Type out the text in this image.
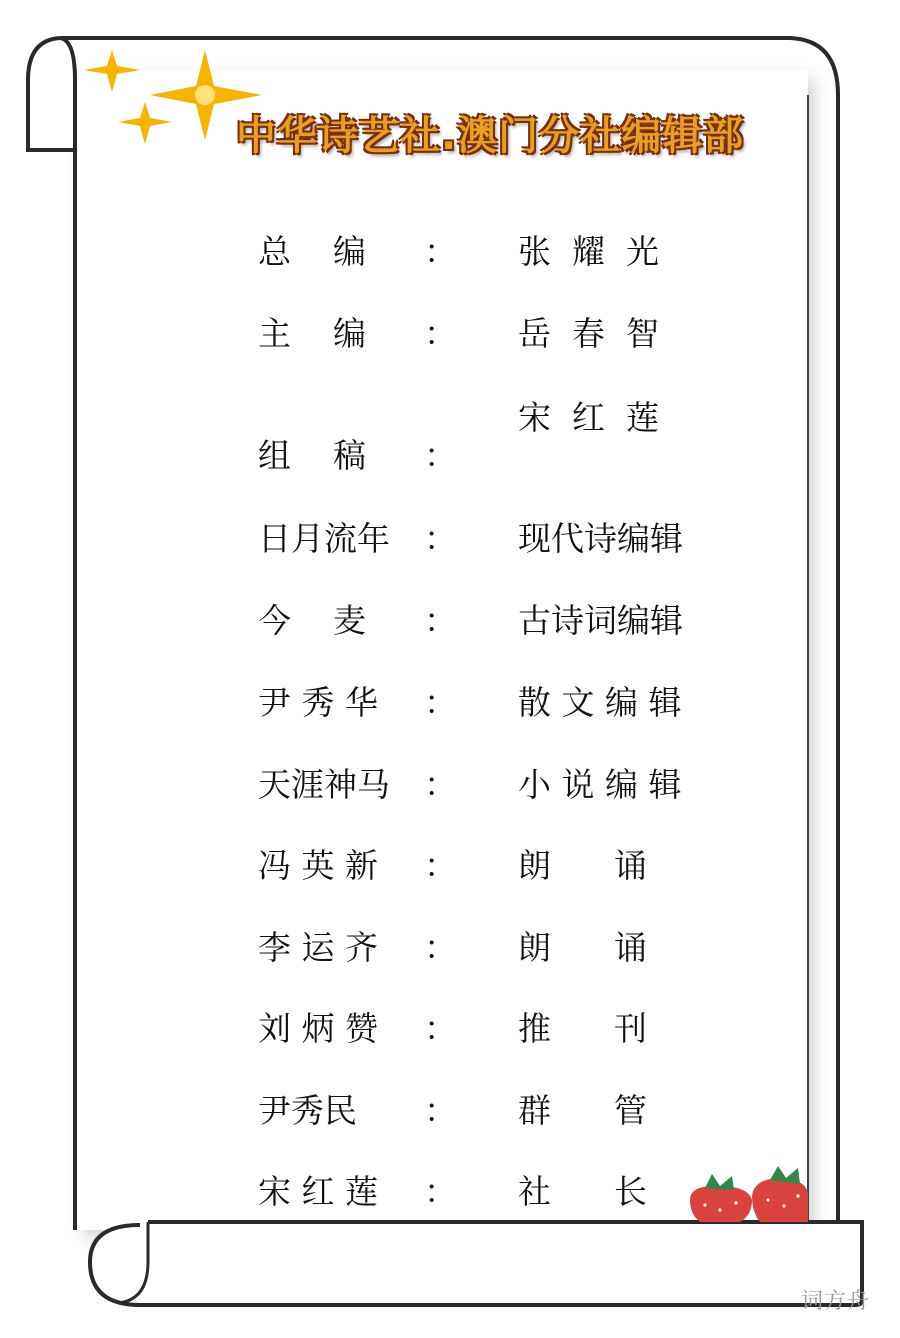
中华诗艺社.澳门分社编辑部
总    编 ： 张  耀  光
主    编 ： 岳  春  智
组    稿 ：
宋  红  莲
日月流年 ： 现代诗编辑
今    麦 ： 古诗词编辑
尹 秀 华 ： 散 文 编 辑
天涯神马 ： 小 说 编 辑
冯 英 新 ： 朗      诵
李 运 齐 ： 朗      诵
刘 炳 赞 ： 推      刊
尹秀民 ： 群      管
宋 红 莲 ： 社      长
词方舟
